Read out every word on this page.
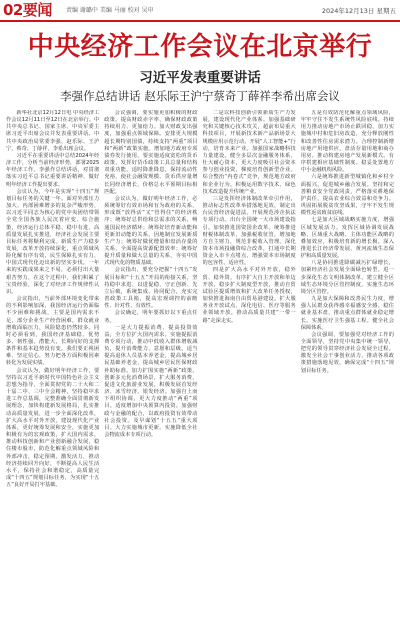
02要闻 责编 谢璐中 美编 马丽 校对 吴申	2024年12月13日 星期五
中央经济工作会议在北京举行
习近平发表重要讲话
李强作总结讲话 赵乐际王沪宁蔡奇丁薛祥李希出席会议

新华社北京12月12日电 中央经济工作会议12月11日至12日在北京举行。中共中央总书记、国家主席、中央军委主席习近平出席会议并发表重要讲话。中共中央政治局常委李强、赵乐际、王沪宁、蔡奇、丁薛祥、李希出席会议。

习近平在重要讲话中总结2024年经济工作，分析当前经济形势，部署2025年经济工作。李强作总结讲话，对贯彻落实习近平总书记重要讲话精神、做好明年经济工作提出要求。

会议认为，今年是实现“十四五”规划目标任务的关键一年。面对外部压力加大、内部困难增多的复杂严峻形势，以习近平同志为核心的党中央团结带领全党全国各族人民沉着应变、综合施策，经济运行总体平稳、稳中有进，高质量发展扎实推进，经济社会发展主要目标任务将顺利完成。新质生产力稳步发展，改革开放持续深化，重点领域风险化解有序有效，民生保障扎实有力，中国式现代化迈出新的坚实步伐。一年来的实践成果来之不易，必须付出大量艰苦努力，在这个过程中，我们积累了宝贵经验，深化了对经济工作规律性认识。

会议指出，当前外部环境变化带来的不利影响加深，我国经济运行仍面临不少困难和挑战，主要是国内需求不足，部分企业生产经营困难，群众就业增收面临压力，风险隐患仍然较多。同时必须看到，我国经济基础稳、优势多、韧性强、潜能大，长期向好的支撑条件和基本趋势没有变。我们要正视困难、坚定信心，努力把各方面积极因素转化为发展实绩。

会议认为，做好明年经济工作，要坚持以习近平新时代中国特色社会主义思想为指导，全面贯彻党的二十大和二十届二中、三中全会精神，坚持稳中求进工作总基调，完整准确全面贯彻新发展理念，加快构建新发展格局，扎实推动高质量发展，进一步全面深化改革，扩大高水平对外开放，建设现代化产业体系，更好统筹发展和安全，实施更加积极有为的宏观政策，扩大国内需求，推动科技创新和产业创新融合发展，稳住楼市股市，防范化解重点领域风险和外部冲击，稳定预期、激发活力，推动经济持续回升向好，不断提高人民生活水平，保持社会和谐稳定，高质量完成“十四五”规划目标任务，为实现“十五五”良好开局打牢基础。

会议强调，要实施更加积极的财政政策。提高财政赤字率，确保财政政策持续用力、更加给力。加大财政支出强度，加强重点领域保障。安排更大规模超长期特别国债，持续支持“两重”项目和“两新”政策实施。增加地方政府专项债券发行使用。要实施适度宽松的货币政策，发挥好货币政策工具总量和结构双重功能，适时降准降息，保持流动性充裕，使社会融资规模、货币供应量增长同经济增长、价格总水平预期目标相匹配。

会议认为，做好明年经济工作，必须统筹好有效市场和有为政府的关系，形成既“放得活”又“管得住”的经济秩序；统筹好总供给和总需求的关系，畅通国民经济循环；统筹好培育新动能和更新旧动能的关系，因地制宜发展新质生产力；统筹好做优增量和盘活存量的关系，全面提高资源配置效率；统筹好提升质量和做大总量的关系，夯实中国式现代化的物质基础。

会议指出，要充分把握“十四五”发展目标和“十五五”开局的衔接关系，坚持稳中求进、以进促稳，守正创新、先立后破，系统集成、协同配合，充实完善政策工具箱，提高宏观调控的前瞻性、针对性、有效性。

会议确定，明年要抓好以下重点任务。

一是大力提振消费、提高投资效益，全方位扩大国内需求。实施提振消费专项行动，推动中低收入群体增收减负，提升消费能力、意愿和层级。适当提高退休人员基本养老金，提高城乡居民基础养老金，提高城乡居民医保财政补助标准。加力扩围实施“两新”政策，创新多元化消费场景，扩大服务消费，促进文化旅游业发展。积极发展首发经济、冰雪经济、银发经济。加强自上而下组织协调，更大力度推动“两重”项目。适度增加中央预算内投资。加强财政与金融的配合，以政府投资有效带动社会投资。及早谋划“十五五”重大项目。大力实施城市更新。实施降低全社会物流成本专项行动。

二是以科技创新引领新质生产力发展，建设现代化产业体系。加强基础研究和关键核心技术攻关，超前布局重大科技项目，开展新技术新产品新场景大规模应用示范行动。开展“人工智能+”行动，培育未来产业。加强国家战略科技力量建设。健全多层次金融服务体系，壮大耐心资本，更大力度吸引社会资本参与创业投资，梯度培育创新型企业。综合整治“内卷式”竞争，规范地方政府和企业行为。积极运用数字技术、绿色技术改造提升传统产业。

三是发挥经济体制改革牵引作用，推动标志性改革举措落地见效。制定出台民营经济促进法。开展规范涉企执法专项行动。出台全国统一大市场建设指引。加快推进国资国企改革。统筹推进财税体制改革，加强税收征管，增加地方自主财力，规范非税收入管理。深化资本市场投融资综合改革，打通中长期资金入市卡点堵点，增强资本市场制度的包容性、适应性。

四是扩大高水平对外开放，稳外贸、稳外资。有序扩大自主开放和单边开放，稳步扩大制度型开放，推动自贸试验区提质增效和扩大改革任务授权，加快推进海南自由贸易港建设。扩大服务业开放试点，深化电信、医疗等服务业领域开放。推动高质量共建“一带一路”走深走实。

五是有效防范化解重点领域风险，牢牢守住不发生系统性风险底线。持续用力推动房地产市场止跌回稳，加力实施城中村和危旧房改造，充分释放刚性和改善性住房需求潜力。合理控制新增房地产用地供应，盘活存量用地和商办用房。推动构建房地产发展新模式。有序搭建相应基础性制度。稳妥处置地方中小金融机构风险。

六是统筹推进新型城镇化和乡村全面振兴，促进城乡融合发展。坚持和完善粮食安全党政同责，严格落实耕地保护责任，提高农业综合效益和竞争力。巩固拓展脱贫攻坚成果，守牢不发生规模性返贫致贫底线。

七是加大区域战略实施力度，增强区域发展活力。发挥区域协调发展战略、区域重大战略、主体功能区战略的叠加效应，积极培育新的增长极。深入推进长江经济带发展、黄河流域生态保护和高质量发展。

八是协同推进降碳减污扩绿增长，加紧经济社会发展全面绿色转型。进一步深化生态文明体制改革，建立健全区域生态环境分区管控制度，实施生态环境分区管控。

九是加大保障和改善民生力度，增强人民群众获得感幸福感安全感。稳住就业基本盘，推动重点群体就业稳定增长。实施医疗卫生强基工程。健全社会保障体系。

会议强调，要加强党对经济工作的全面领导，坚持党中央集中统一领导，把党的领导贯穿经济社会发展全过程。激发全社会干事创业活力，推动各项政策措施落地见效，确保完成“十四五”规划目标任务。
